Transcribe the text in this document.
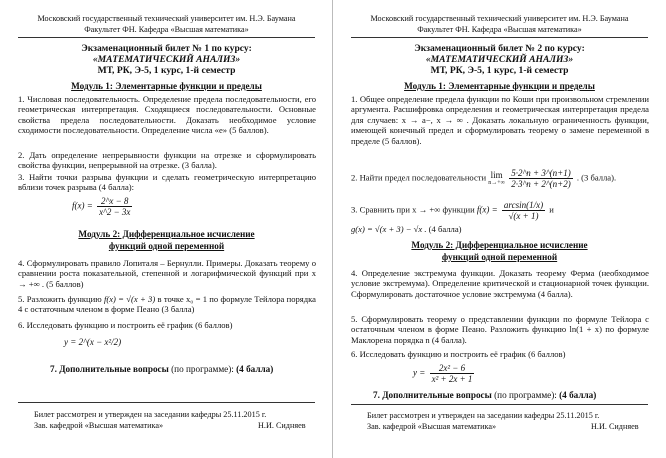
Московский государственный технический университет им. Н.Э. Баумана
Факультет ФН. Кафедра «Высшая математика»
Экзаменационный билет № 1 по курсу:
«МАТЕМАТИЧЕСКИЙ АНАЛИЗ»
МТ, РК, Э-5, 1 курс, 1-й семестр
Модуль 1: Элементарные функции и пределы
1. Числовая последовательность. Определение предела последовательности, его геометрическая интерпретация. Сходящиеся последовательности. Основные свойства предела последовательности. Доказать необходимое условие сходимости последовательности. Определение числа «e» (5 баллов).
2. Дать определение непрерывности функции на отрезке и сформулировать свойства функции, непрерывной на отрезке. (3 балла).
3. Найти точки разрыва функции и сделать геометрическую интерпретацию вблизи точек разрыва (4 балла):
$f(x) = \frac{2\^{}x - 8}{x\^{}2 - 3x}$
Модуль 2: Дифференциальное исчисление
функций одной переменной
4. Сформулировать правило Лопиталя – Бернулли. Примеры. Доказать теорему о сравнении роста показательной, степенной и логарифмической функций при x → +∞ . (5 баллов)
5. Разложить функцию f(x) = √(x + 3) в точке x₀ = 1 по формуле Тейлора порядка 4 с остаточным членом в форме Пеано (3 балла)
6. Исследовать функцию и построить её график (6 баллов)
y = 2^(x − x²/2)
7. Дополнительные вопросы (по программе): (4 балла)
Билет рассмотрен и утвержден на заседании кафедры 25.11.2015 г.
Зав. кафедрой «Высшая математика»	Н.И. Сидняев
Московский государственный технический университет им. Н.Э. Баумана
Факультет ФН. Кафедра «Высшая математика»
Экзаменационный билет № 2 по курсу:
«МАТЕМАТИЧЕСКИЙ АНАЛИЗ»
МТ, РК, Э-5, 1 курс, 1-й семестр
Модуль 1: Элементарные функции и пределы
1. Общее определение предела функции по Коши при произвольном стремлении аргумента. Расшифровка определения и геометрическая интерпретация предела для случаев: x → a−, x → ∞ . Доказать локальную ограниченность функции, имеющей конечный предел и сформулировать теорему о замене переменной в пределе (5 баллов).
2. Найти предел последовательности lim
n→+∞
$\frac{5\cdot 2\^{}n + 3\^{}(n+1)}{2\cdot 3\^{}n + 2\^{}(n+2)}$ . (3 балла).
3. Сравнить при x → +∞ функции $f(x) = \frac{\arcsin(1/x)}{√(x + 1)}$ и
g(x) = √(x + 3) − √x . (4 балла)
Модуль 2: Дифференциальное исчисление
функций одной переменной
4. Определение экстремума функции. Доказать теорему Ферма (необходимое условие экстремума). Определение критической и стационарной точек функции. Сформулировать достаточное условие экстремума (4 балла).
5. Сформулировать теорему о представлении функции по формуле Тейлора с остаточным членом в форме Пеано. Разложить функцию ln(1 + x) по формуле Маклорена порядка n (4 балла).
6. Исследовать функцию и построить её график (6 баллов)
$y = \frac{\text{2x² − 6}}{\text{x² + 2x + 1}}$
7. Дополнительные вопросы (по программе): (4 балла)
Билет рассмотрен и утвержден на заседании кафедры 25.11.2015 г.
Зав. кафедрой «Высшая математика»	Н.И. Сидняев
